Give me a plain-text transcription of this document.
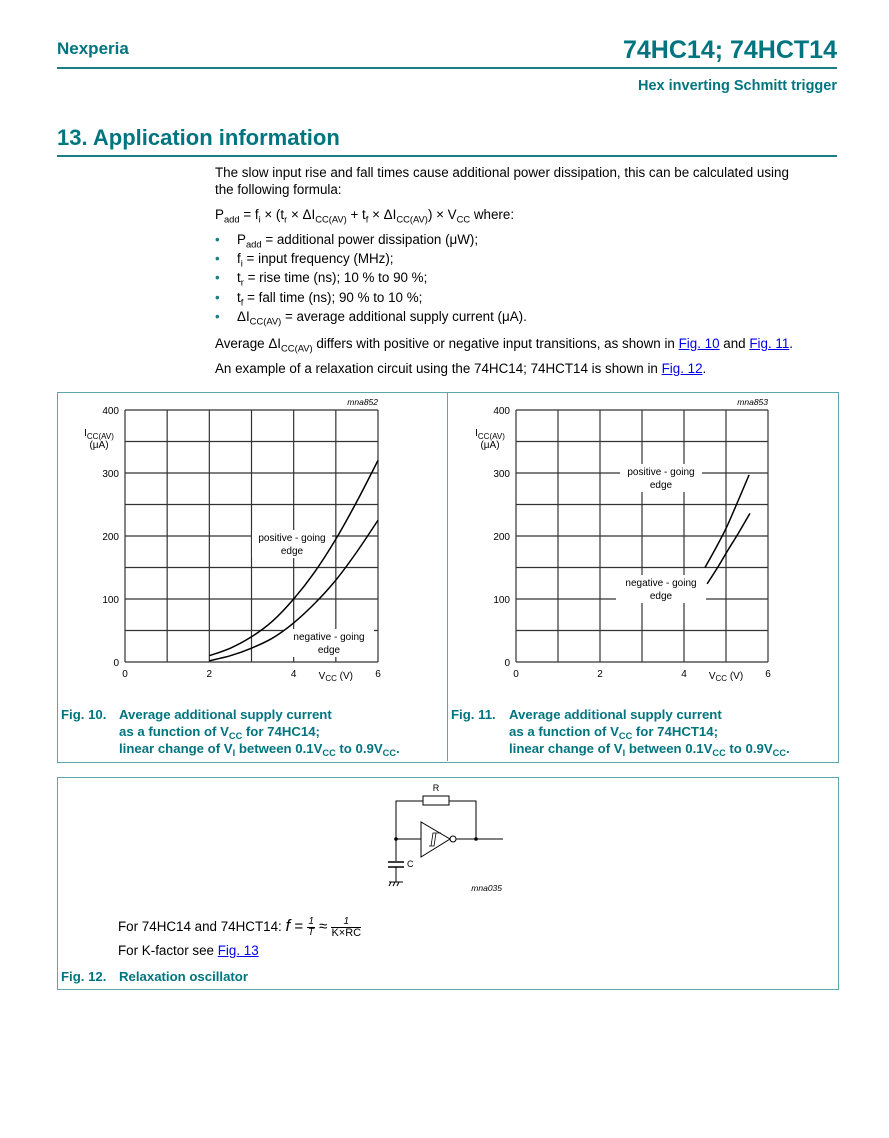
Nexperia	74HC14; 74HCT14
Hex inverting Schmitt trigger
13. Application information
The slow input rise and fall times cause additional power dissipation, this can be calculated using
the following formula:
$P_{add} = f_i \times (t_r \times \Delta I_{CC(AV)} + t_f \times \Delta I_{CC(AV)}) \times V_{CC}$ where:
• $P_{add}$ = additional power dissipation (μW);
• $f_i$ = input frequency (MHz);
• $t_r$ = rise time (ns); 10 % to 90 %;
• $t_f$ = fall time (ns); 90 % to 10 %;
• $\Delta I_{CC(AV)}$ = average additional supply current (μA).
Average $\Delta I_{CC(AV)}$ differs with positive or negative input transitions, as shown in Fig. 10 and Fig. 11.
An example of a relaxation circuit using the 74HC14; 74HCT14 is shown in Fig. 12.
positive - going
edge
negative - going
edge
0
100
200
300
400
0	2	4	6
$I_{CC(AV)}$
(μA)
$V_{CC}$ (V)
mna852
positive - going
edge
negative - going
edge
0
100
200
300
400
0	2	4	6
$I_{CC(AV)}$
(μA)
$V_{CC}$ (V)
mna853
Fig. 10. Average additional supply current
as a function of $V_{CC}$ for 74HC14;
linear change of $V_I$ between $0.1V_{CC}$ to $0.9V_{CC}$.
Fig. 11. Average additional supply current
as a function of $V_{CC}$ for 74HCT14;
linear change of $V_I$ between $0.1V_{CC}$ to $0.9V_{CC}$.
R
C
mna035
For 74HC14 and 74HCT14: $f = \frac{1}{T} \approx \frac{1}{K\times RC}$
For K-factor see Fig. 13
Fig. 12. Relaxation oscillator
